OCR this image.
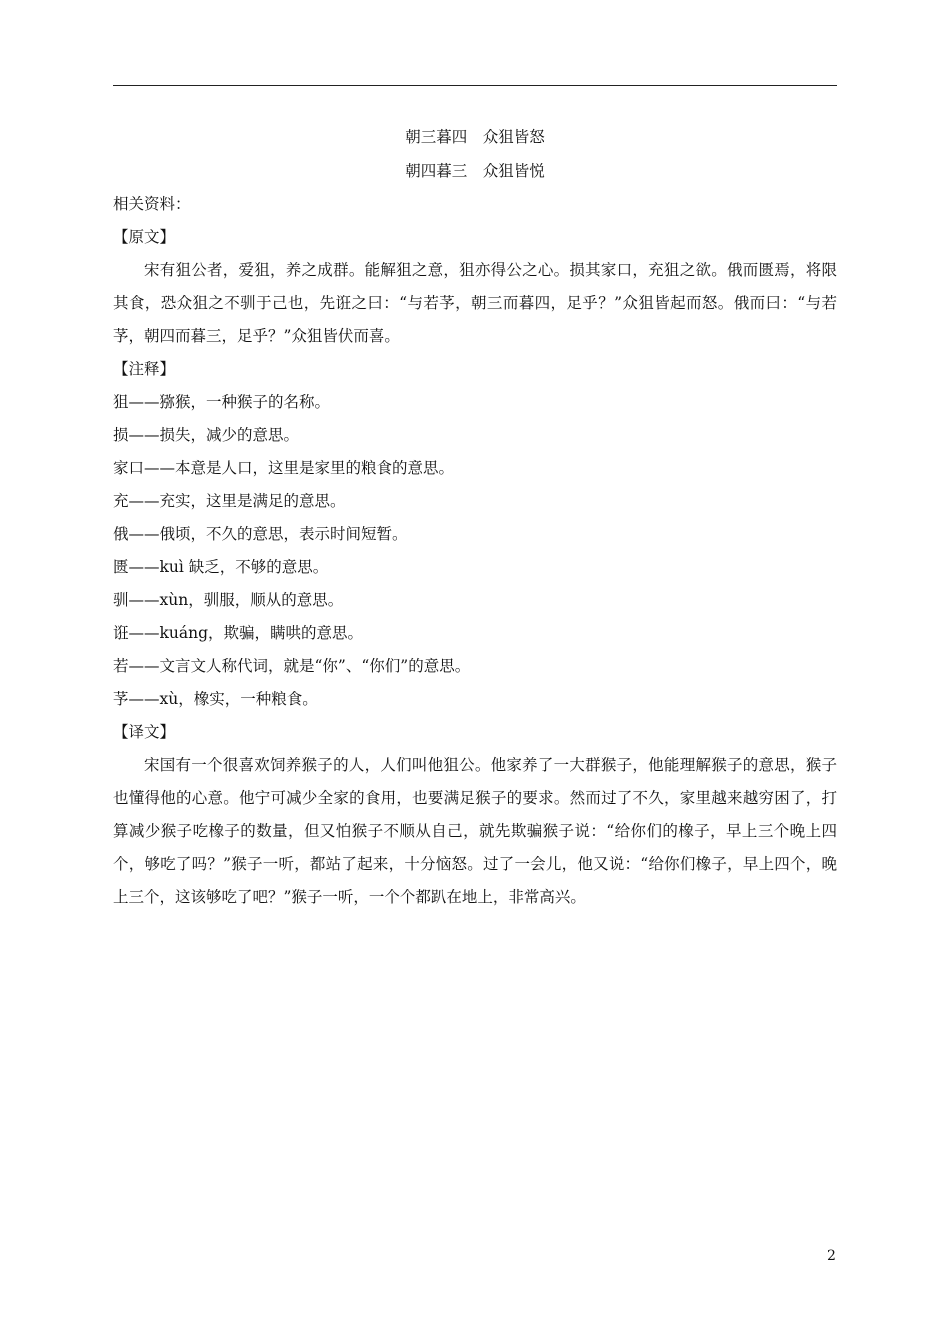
朝三暮四　众狙皆怒
朝四暮三　众狙皆悦
相关资料：
【原文】

宋有狙公者，爱狙，养之成群。能解狙之意，狙亦得公之心。损其家口，充狙之欲。俄而匮焉，将限其食，恐众狙之不驯于己也，先诳之曰：“与若芧，朝三而暮四，足乎？”众狙皆起而怒。俄而曰：“与若芧，朝四而暮三，足乎？”众狙皆伏而喜。

【注释】
狙——猕猴，一种猴子的名称。
损——损失，减少的意思。
家口——本意是人口，这里是家里的粮食的意思。
充——充实，这里是满足的意思。
俄——俄顷，不久的意思，表示时间短暂。
匮——kuì 缺乏，不够的意思。
驯——xùn，驯服，顺从的意思。
诳——kuáng，欺骗，瞒哄的意思。
若——文言文人称代词，就是“你”、“你们”的意思。
芧——xù，橡实，一种粮食。
【译文】

宋国有一个很喜欢饲养猴子的人，人们叫他狙公。他家养了一大群猴子，他能理解猴子的意思，猴子也懂得他的心意。他宁可减少全家的食用，也要满足猴子的要求。然而过了不久，家里越来越穷困了，打算减少猴子吃橡子的数量，但又怕猴子不顺从自己，就先欺骗猴子说：“给你们的橡子，早上三个晚上四个，够吃了吗？”猴子一听，都站了起来，十分恼怒。过了一会儿，他又说：“给你们橡子，早上四个，晚上三个，这该够吃了吧？”猴子一听，一个个都趴在地上，非常高兴。

2
